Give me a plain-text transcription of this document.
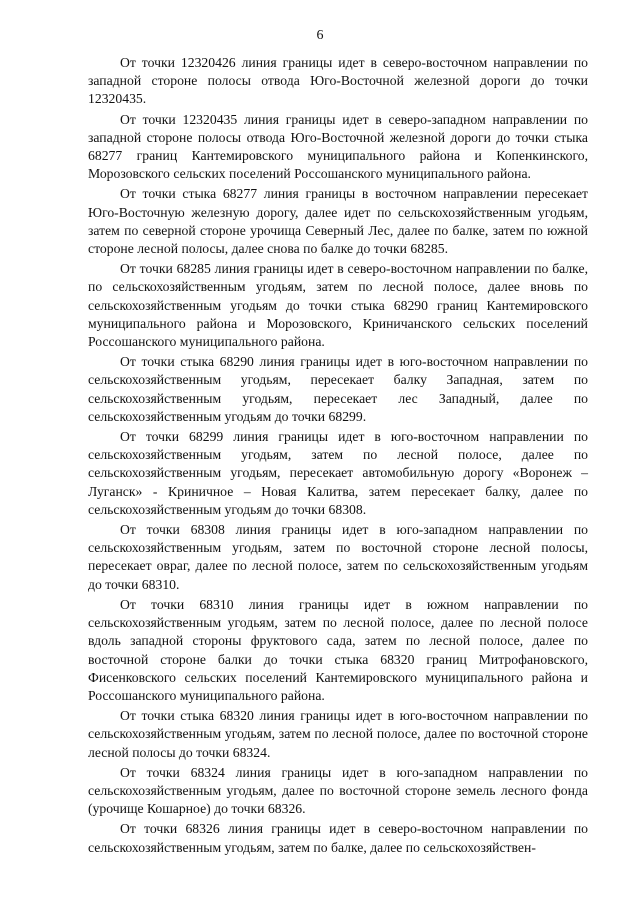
6

От точки 12320426 линия границы идет в северо-восточном направлении по западной стороне полосы отвода Юго-Восточной железной дороги до точки 12320435.

От точки 12320435 линия границы идет в северо-западном направлении по западной стороне полосы отвода Юго-Восточной железной дороги до точки стыка 68277 границ Кантемировского муниципального района и Копенкинского, Морозовского сельских поселений Россошанского муниципального района.

От точки стыка 68277 линия границы в восточном направлении пересекает Юго-Восточную железную дорогу, далее идет по сельскохозяйственным угодьям, затем по северной стороне урочища Северный Лес, далее по балке, затем по южной стороне лесной полосы, далее снова по балке до точки 68285.

От точки 68285 линия границы идет в северо-восточном направлении по балке, по сельскохозяйственным угодьям, затем по лесной полосе, далее вновь по сельскохозяйственным угодьям до точки стыка 68290 границ Кантемировского муниципального района и Морозовского, Криничанского сельских поселений Россошанского муниципального района.

От точки стыка 68290 линия границы идет в юго-восточном направлении по сельскохозяйственным угодьям, пересекает балку Западная, затем по сельскохозяйственным угодьям, пересекает лес Западный, далее по сельскохозяйственным угодьям до точки 68299.

От точки 68299 линия границы идет в юго-восточном направлении по сельскохозяйственным угодьям, затем по лесной полосе, далее по сельскохозяйственным угодьям, пересекает автомобильную дорогу «Воронеж – Луганск» - Криничное – Новая Калитва, затем пересекает балку, далее по сельскохозяйственным угодьям до точки 68308.

От точки 68308 линия границы идет в юго-западном направлении по сельскохозяйственным угодьям, затем по восточной стороне лесной полосы, пересекает овраг, далее по лесной полосе, затем по сельскохозяйственным угодьям до точки 68310.

От точки 68310 линия границы идет в южном направлении по сельскохозяйственным угодьям, затем по лесной полосе, далее по лесной полосе вдоль западной стороны фруктового сада, затем по лесной полосе, далее по восточной стороне балки до точки стыка 68320 границ Митрофановского, Фисенковского сельских поселений Кантемировского муниципального района и Россошанского муниципального района.

От точки стыка 68320 линия границы идет в юго-восточном направлении по сельскохозяйственным угодьям, затем по лесной полосе, далее по восточной стороне лесной полосы до точки 68324.

От точки 68324 линия границы идет в юго-западном направлении по сельскохозяйственным угодьям, далее по восточной стороне земель лесного фонда (урочище Кошарное) до точки 68326.

От точки 68326 линия границы идет в северо-восточном направлении по сельскохозяйственным угодьям, затем по балке, далее по сельскохозяйствен-
